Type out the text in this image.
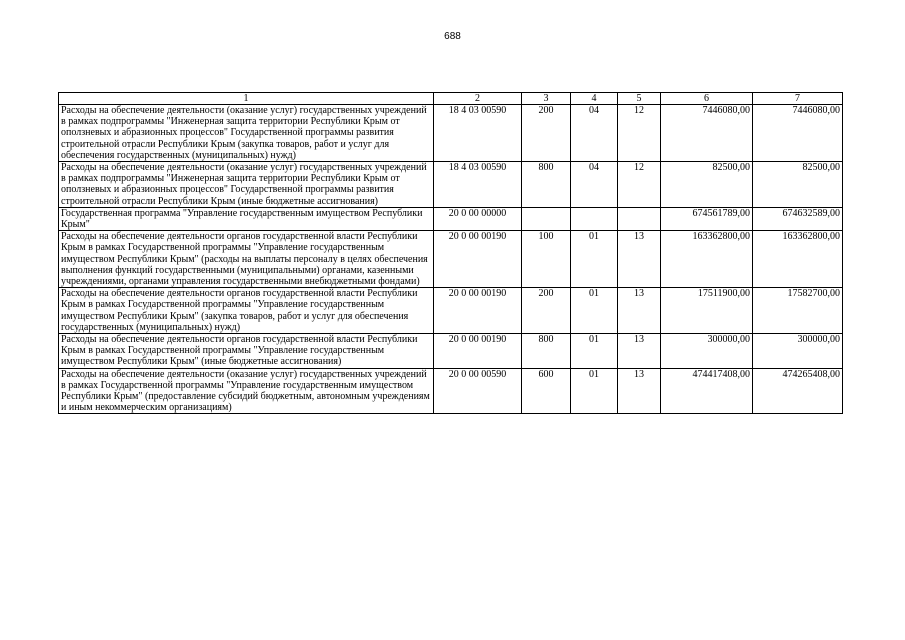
688
1	2	3	4	5	6	7
Расходы на обеспечение деятельности (оказание услуг) государственных учреждений в рамках подпрограммы "Инженерная защита территории Республики Крым от оползневых и абразионных процессов" Государственной программы развития строительной отрасли Республики Крым (закупка товаров, работ и услуг для обеспечения государственных (муниципальных) нужд)	18 4 03 00590	200	04	12	7446080,00	7446080,00
Расходы на обеспечение деятельности (оказание услуг) государственных учреждений в рамках подпрограммы "Инженерная защита территории Республики Крым от оползневых и абразионных процессов" Государственной программы развития строительной отрасли Республики Крым (иные бюджетные ассигнования)	18 4 03 00590	800	04	12	82500,00	82500,00
Государственная программа "Управление государственным имуществом Республики Крым"	20 0 00 00000				674561789,00	674632589,00
Расходы на обеспечение деятельности органов государственной власти Республики Крым в рамках Государственной программы "Управление государственным имуществом Республики Крым" (расходы на выплаты персоналу в целях обеспечения выполнения функций государственными (муниципальными) органами, казенными учреждениями, органами управления государственными внебюджетными фондами)	20 0 00 00190	100	01	13	163362800,00	163362800,00
Расходы на обеспечение деятельности органов государственной власти Республики Крым в рамках Государственной программы "Управление государственным имуществом Республики Крым" (закупка товаров, работ и услуг для обеспечения государственных (муниципальных) нужд)	20 0 00 00190	200	01	13	17511900,00	17582700,00
Расходы на обеспечение деятельности органов государственной власти Республики Крым в рамках Государственной программы "Управление государственным имуществом Республики Крым" (иные бюджетные ассигнования)	20 0 00 00190	800	01	13	300000,00	300000,00
Расходы на обеспечение деятельности (оказание услуг) государственных учреждений в рамках Государственной программы "Управление государственным имуществом Республики Крым" (предоставление субсидий бюджетным, автономным учреждениям и иным некоммерческим организациям)	20 0 00 00590	600	01	13	474417408,00	474265408,00
